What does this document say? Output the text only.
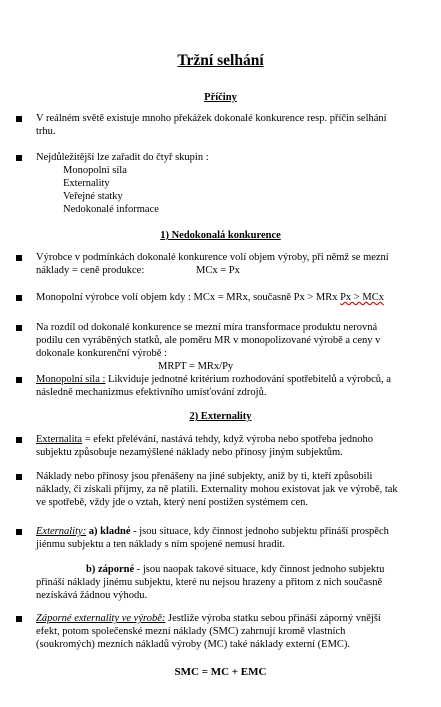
Tržní selhání
Příčiny
V reálném světě existuje mnoho překážek dokonalé konkurence resp. příčin selhání
trhu.
Nejdůležitější lze zařadit do čtyř skupin :
Monopolní síla
Externality
Veřejné statky
Nedokonalé informace
1) Nedokonalá konkurence
Výrobce v podmínkách dokonalé konkurence volí objem výroby, při němž se mezní
náklady = ceně produkce:	MCx = Px
Monopolní výrobce volí objem kdy : MCx = MRx, současně Px > MRx Px > MCx
Na rozdíl od dokonalé konkurence se mezní míra transformace produktu nerovná
podílu cen vyráběných statků, ale poměru MR v monopolizované výrobě a ceny v
dokonale konkurenční výrobě :
MRPT = MRx/Py
Monopolní síla : Likviduje jednotné kritérium rozhodování spotřebitelů a výrobců, a
následně mechanizmus efektivního umísťování zdrojů.
2) Externality
Externalita = efekt přelévání, nastává tehdy, když výroba nebo spotřeba jednoho
subjektu způsobuje nezamýšlené náklady nebo přínosy jiným subjektům.
Náklady nebo přínosy jsou přenášeny na jiné subjekty, aniž by ti, kteří způsobili
náklady, či získali příjmy, za ně platili. Externality mohou existovat jak ve výrobě, tak
ve spotřebě, vždy jde o vztah, který není postižen systémem cen.
Externality: a) kladné - jsou situace, kdy činnost jednoho subjektu přináší prospěch
jiénmu subjektu a ten náklady s ním spojené nemusí hradit.
b) záporné - jsou naopak takové situace, kdy činnost jednoho subjektu
přináší náklady jinému subjektu, které nu nejsou hrazeny a přitom z nich současně
nezískává žádnou výhodu.
Záporné externality ve výrobě: Jestliže výroba statku sebou přináší záporný vnější
efekt, potom společenské mezní náklady (SMC) zahrnují kromě vlastních
(soukromých) mezních nákladů výroby (MC) také náklady externí (EMC).
SMC = MC + EMC
